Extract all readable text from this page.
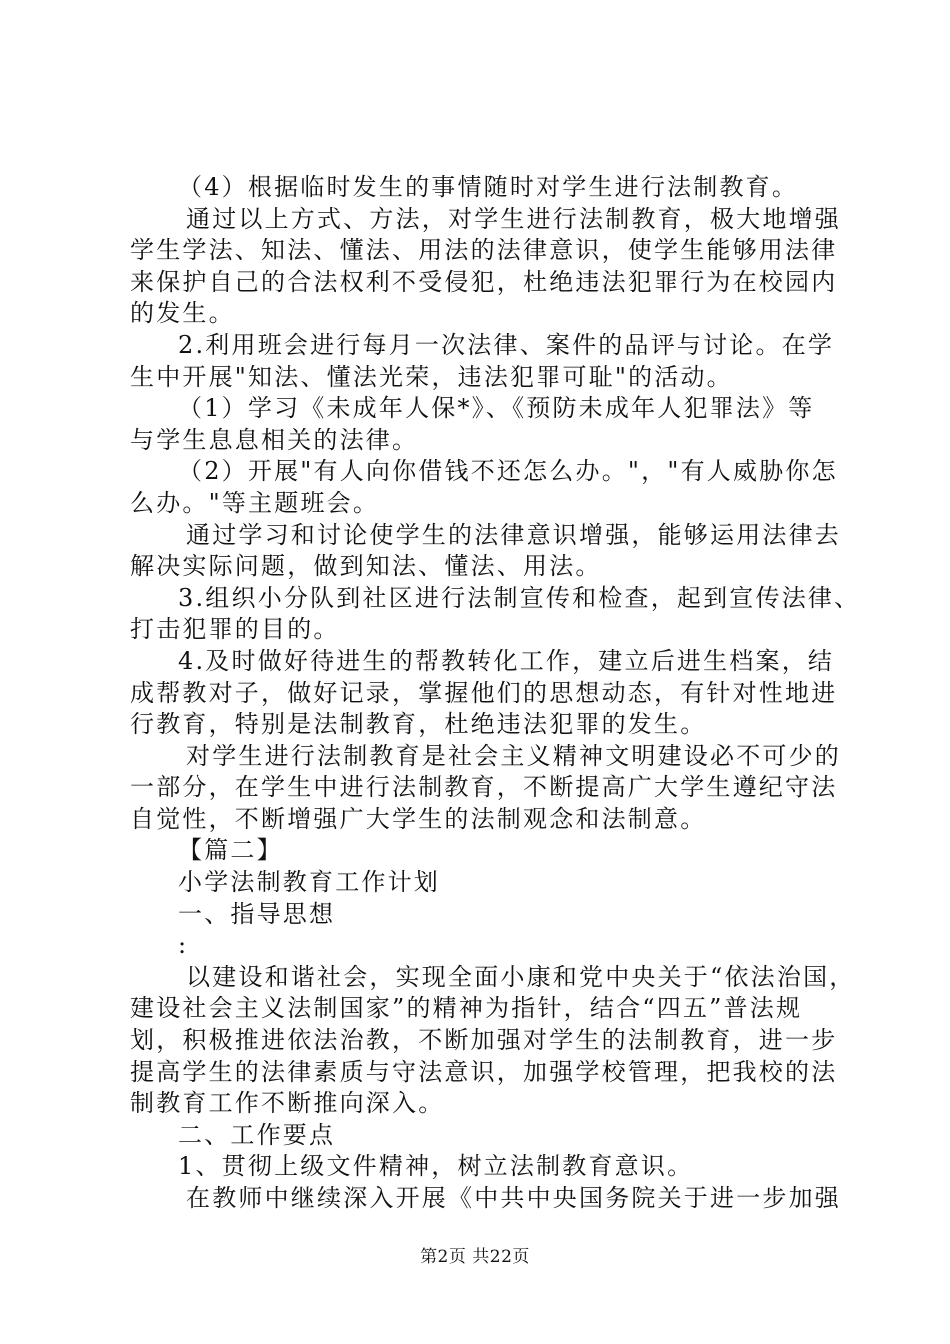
（4）根据临时发生的事情随时对学生进行法制教育。
通过以上方式、方法，对学生进行法制教育，极大地增强
学生学法、知法、懂法、用法的法律意识，使学生能够用法律
来保护自己的合法权利不受侵犯，杜绝违法犯罪行为在校园内
的发生。
2.利用班会进行每月一次法律、案件的品评与讨论。在学
生中开展"知法、懂法光荣，违法犯罪可耻"的活动。
（1）学习《未成年人保*》、《预防未成年人犯罪法》等
与学生息息相关的法律。
（2）开展"有人向你借钱不还怎么办。"，"有人威胁你怎
么办。"等主题班会。
通过学习和讨论使学生的法律意识增强，能够运用法律去
解决实际问题，做到知法、懂法、用法。
3.组织小分队到社区进行法制宣传和检查，起到宣传法律、
打击犯罪的目的。
4.及时做好待进生的帮教转化工作，建立后进生档案，结
成帮教对子，做好记录，掌握他们的思想动态，有针对性地进
行教育，特别是法制教育，杜绝违法犯罪的发生。
对学生进行法制教育是社会主义精神文明建设必不可少的
一部分，在学生中进行法制教育，不断提高广大学生遵纪守法
自觉性，不断增强广大学生的法制观念和法制意。
【篇二】
小学法制教育工作计划
一、指导思想
:
以建设和谐社会，实现全面小康和党中央关于“依法治国，
建设社会主义法制国家”的精神为指针，结合“四五”普法规
划，积极推进依法治教，不断加强对学生的法制教育，进一步
提高学生的法律素质与守法意识，加强学校管理，把我校的法
制教育工作不断推向深入。
二、工作要点
1、贯彻上级文件精神，树立法制教育意识。
在教师中继续深入开展《中共中央国务院关于进一步加强
第2页 共22页
